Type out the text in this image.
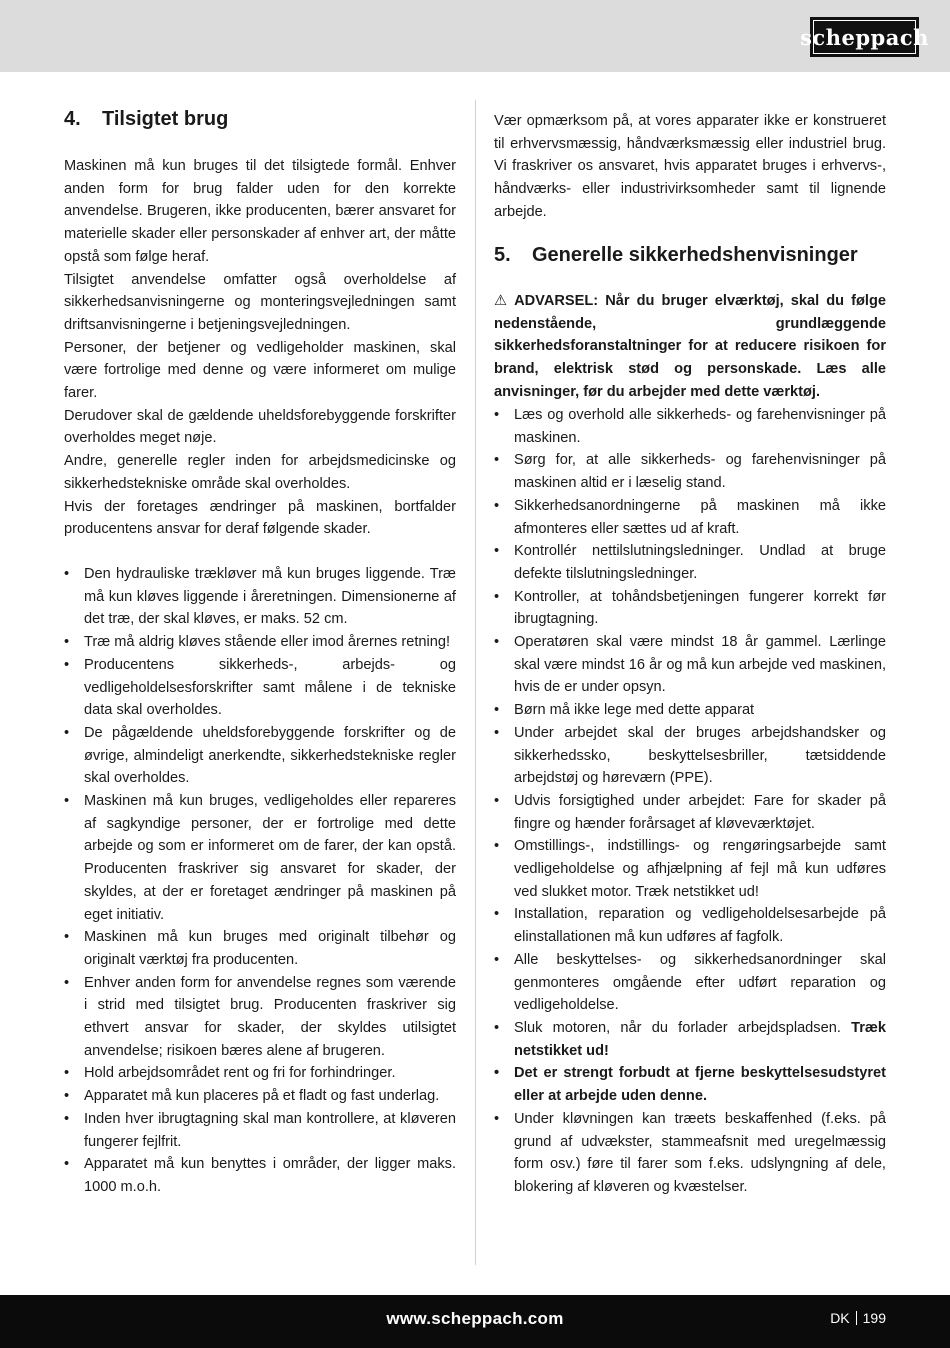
scheppach
4. Tilsigtet brug

Maskinen må kun bruges til det tilsigtede formål. Enhver anden form for brug falder uden for den korrekte anvendelse. Brugeren, ikke producenten, bærer ansvaret for materielle skader eller personskader af enhver art, der måtte opstå som følge heraf.

Tilsigtet anvendelse omfatter også overholdelse af sikkerhedsanvisningerne og monteringsvejledningen samt driftsanvisningerne i betjeningsvejledningen.

Personer, der betjener og vedligeholder maskinen, skal være fortrolige med denne og være informeret om mulige farer.

Derudover skal de gældende uheldsforebyggende forskrifter overholdes meget nøje.

Andre, generelle regler inden for arbejdsmedicinske og sikkerhedstekniske område skal overholdes.

Hvis der foretages ændringer på maskinen, bortfalder producentens ansvar for deraf følgende skader.

• Den hydrauliske trækløver må kun bruges liggende. Træ må kun kløves liggende i åreretningen. Dimensionerne af det træ, der skal kløves, er maks. 52 cm.
• Træ må aldrig kløves stående eller imod årernes retning!
• Producentens sikkerheds-, arbejds- og vedligeholdelsesforskrifter samt målene i de tekniske data skal overholdes.
• De pågældende uheldsforebyggende forskrifter og de øvrige, almindeligt anerkendte, sikkerhedstekniske regler skal overholdes.
• Maskinen må kun bruges, vedligeholdes eller repareres af sagkyndige personer, der er fortrolige med dette arbejde og som er informeret om de farer, der kan opstå. Producenten fraskriver sig ansvaret for skader, der skyldes, at der er foretaget ændringer på maskinen på eget initiativ.
• Maskinen må kun bruges med originalt tilbehør og originalt værktøj fra producenten.
• Enhver anden form for anvendelse regnes som værende i strid med tilsigtet brug. Producenten fraskriver sig ethvert ansvar for skader, der skyldes utilsigtet anvendelse; risikoen bæres alene af brugeren.
• Hold arbejdsområdet rent og fri for forhindringer.
• Apparatet må kun placeres på et fladt og fast underlag.
• Inden hver ibrugtagning skal man kontrollere, at kløveren fungerer fejlfrit.
• Apparatet må kun benyttes i områder, der ligger maks. 1000 m.o.h.

Vær opmærksom på, at vores apparater ikke er konstrueret til erhvervsmæssig, håndværksmæssig eller industriel brug. Vi fraskriver os ansvaret, hvis apparatet bruges i erhvervs-, håndværks- eller industrivirksomheder samt til lignende arbejde.

5. Generelle sikkerhedshenvisninger

⚠ ADVARSEL: Når du bruger elværktøj, skal du følge nedenstående, grundlæggende sikkerhedsforanstaltninger for at reducere risikoen for brand, elektrisk stød og personskade. Læs alle anvisninger, før du arbejder med dette værktøj.

• Læs og overhold alle sikkerheds- og farehenvisninger på maskinen.
• Sørg for, at alle sikkerheds- og farehenvisninger på maskinen altid er i læselig stand.
• Sikkerhedsanordningerne på maskinen må ikke afmonteres eller sættes ud af kraft.
• Kontrollér nettilslutningsledninger. Undlad at bruge defekte tilslutningsledninger.
• Kontroller, at tohåndsbetjeningen fungerer korrekt før ibrugtagning.
• Operatøren skal være mindst 18 år gammel. Lærlinge skal være mindst 16 år og må kun arbejde ved maskinen, hvis de er under opsyn.
• Børn må ikke lege med dette apparat
• Under arbejdet skal der bruges arbejdshandsker og sikkerhedssko, beskyttelsesbriller, tætsiddende arbejdstøj og høreværn (PPE).
• Udvis forsigtighed under arbejdet: Fare for skader på fingre og hænder forårsaget af kløveværktøjet.
• Omstillings-, indstillings- og rengøringsarbejde samt vedligeholdelse og afhjælpning af fejl må kun udføres ved slukket motor. Træk netstikket ud!
• Installation, reparation og vedligeholdelsesarbejde på elinstallationen må kun udføres af fagfolk.
• Alle beskyttelses- og sikkerhedsanordninger skal genmonteres omgående efter udført reparation og vedligeholdelse.
• Sluk motoren, når du forlader arbejdspladsen. Træk netstikket ud!
• Det er strengt forbudt at fjerne beskyttelsesudstyret eller at arbejde uden denne.
• Under kløvningen kan træets beskaffenhed (f.eks. på grund af udvækster, stammeafsnit med uregelmæssig form osv.) føre til farer som f.eks. udslyngning af dele, blokering af kløveren og kvæstelser.
www.scheppach.com	DK 199
